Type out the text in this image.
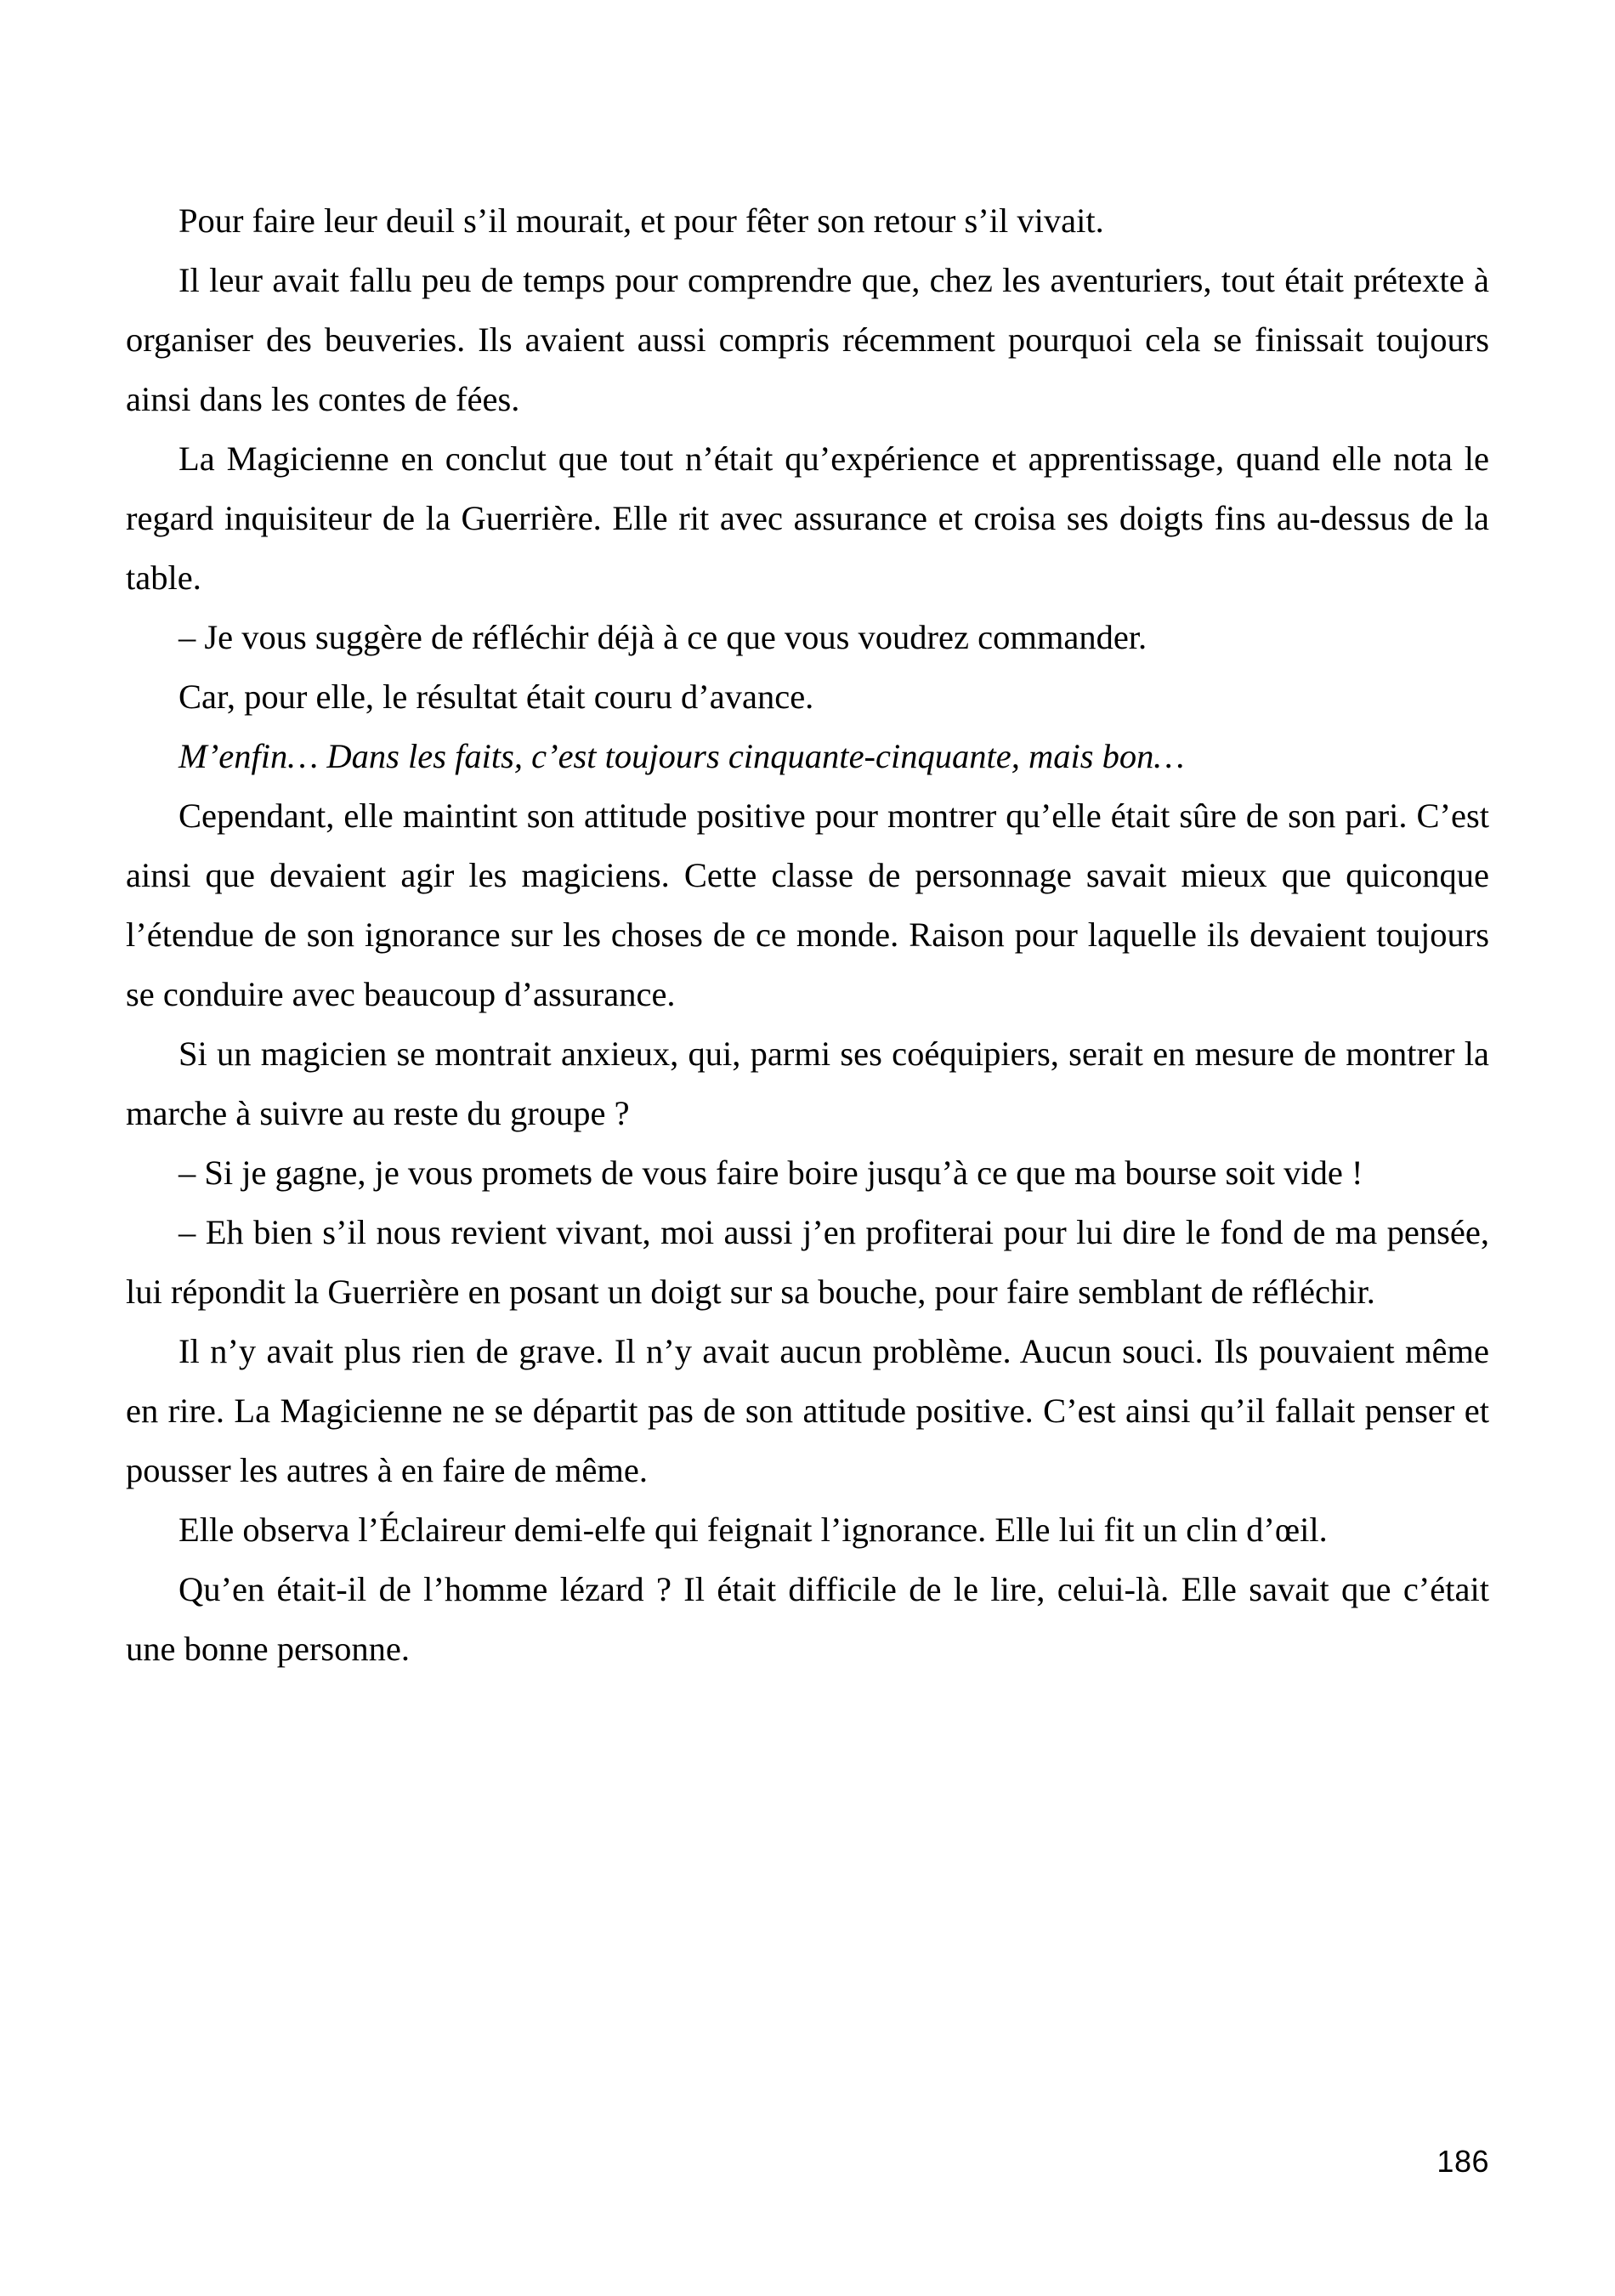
Pour faire leur deuil s’il mourait, et pour fêter son retour s’il vivait.

Il leur avait fallu peu de temps pour comprendre que, chez les aventuriers, tout était prétexte à organiser des beuveries. Ils avaient aussi compris récemment pourquoi cela se finissait toujours ainsi dans les contes de fées.

La Magicienne en conclut que tout n’était qu’expérience et apprentissage, quand elle nota le regard inquisiteur de la Guerrière. Elle rit avec assurance et croisa ses doigts fins au-dessus de la table.

– Je vous suggère de réfléchir déjà à ce que vous voudrez commander.

Car, pour elle, le résultat était couru d’avance.

M’enfin… Dans les faits, c’est toujours cinquante-cinquante, mais bon…

Cependant, elle maintint son attitude positive pour montrer qu’elle était sûre de son pari. C’est ainsi que devaient agir les magiciens. Cette classe de personnage savait mieux que quiconque l’étendue de son ignorance sur les choses de ce monde. Raison pour laquelle ils devaient toujours se conduire avec beaucoup d’assurance.

Si un magicien se montrait anxieux, qui, parmi ses coéquipiers, serait en mesure de montrer la marche à suivre au reste du groupe ?

– Si je gagne, je vous promets de vous faire boire jusqu’à ce que ma bourse soit vide !

– Eh bien s’il nous revient vivant, moi aussi j’en profiterai pour lui dire le fond de ma pensée, lui répondit la Guerrière en posant un doigt sur sa bouche, pour faire semblant de réfléchir.

Il n’y avait plus rien de grave. Il n’y avait aucun problème. Aucun souci. Ils pouvaient même en rire. La Magicienne ne se départit pas de son attitude positive. C’est ainsi qu’il fallait penser et pousser les autres à en faire de même.

Elle observa l’Éclaireur demi-elfe qui feignait l’ignorance. Elle lui fit un clin d’œil.

Qu’en était-il de l’homme lézard ? Il était difficile de le lire, celui-là. Elle savait que c’était une bonne personne.

186
